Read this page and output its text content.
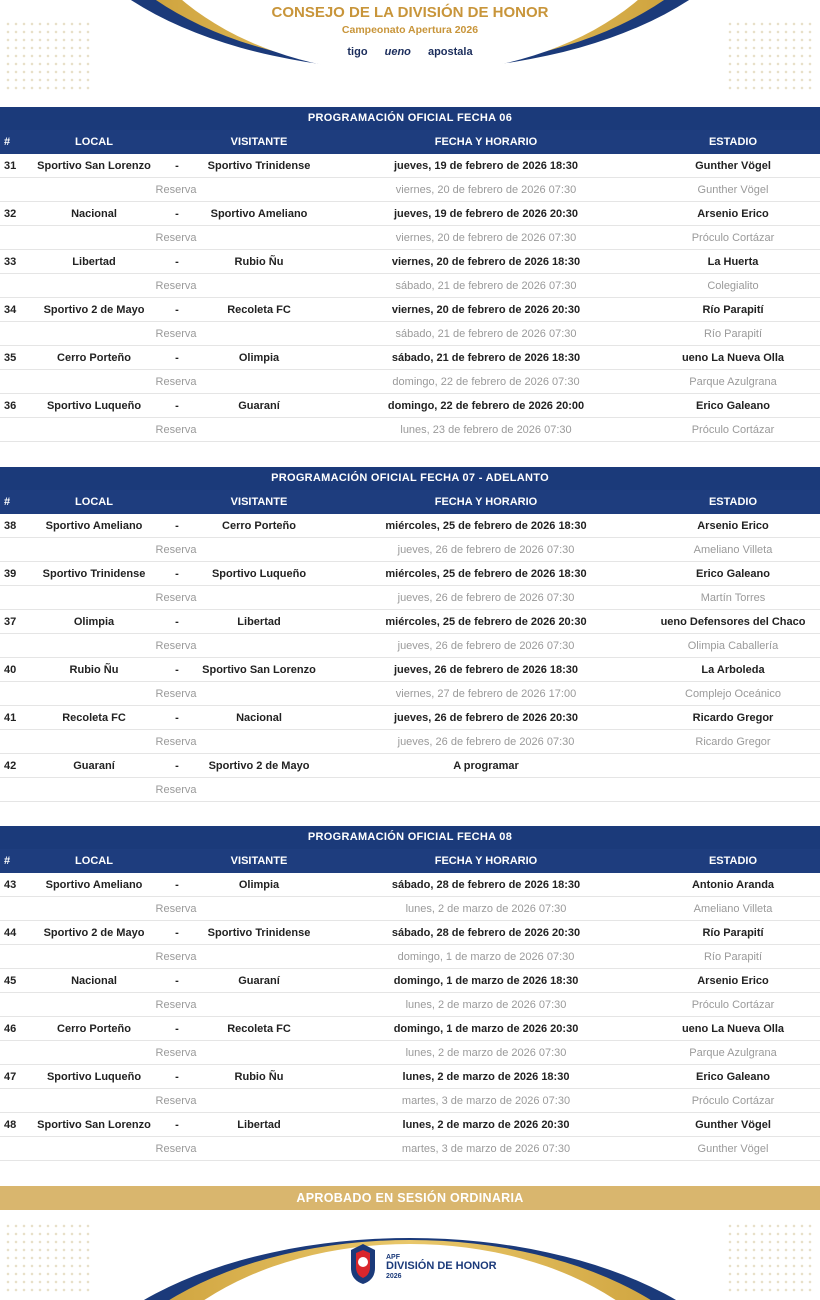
CONSEJO DE LA DIVISIÓN DE HONOR
Campeonato Apertura 2026
tigo ueno apostala
PROGRAMACIÓN OFICIAL FECHA 06
#	LOCAL	VISITANTE	FECHA Y HORARIO	ESTADIO
31	Sportivo San Lorenzo	-	Sportivo Trinidense	jueves, 19 de febrero de 2026 18:30	Gunther Vögel
Reserva	viernes, 20 de febrero de 2026 07:30	Gunther Vögel
32	Nacional	-	Sportivo Ameliano	jueves, 19 de febrero de 2026 20:30	Arsenio Erico
Reserva	viernes, 20 de febrero de 2026 07:30	Próculo Cortázar
33	Libertad	-	Rubio Ñu	viernes, 20 de febrero de 2026 18:30	La Huerta
Reserva	sábado, 21 de febrero de 2026 07:30	Colegialito
34	Sportivo 2 de Mayo	-	Recoleta FC	viernes, 20 de febrero de 2026 20:30	Río Parapití
Reserva	sábado, 21 de febrero de 2026 07:30	Río Parapití
35	Cerro Porteño	-	Olimpia	sábado, 21 de febrero de 2026 18:30	ueno La Nueva Olla
Reserva	domingo, 22 de febrero de 2026 07:30	Parque Azulgrana
36	Sportivo Luqueño	-	Guaraní	domingo, 22 de febrero de 2026 20:00	Erico Galeano
Reserva	lunes, 23 de febrero de 2026 07:30	Próculo Cortázar
PROGRAMACIÓN OFICIAL FECHA 07 - ADELANTO
#	LOCAL	VISITANTE	FECHA Y HORARIO	ESTADIO
38	Sportivo Ameliano	-	Cerro Porteño	miércoles, 25 de febrero de 2026 18:30	Arsenio Erico
Reserva	jueves, 26 de febrero de 2026 07:30	Ameliano Villeta
39	Sportivo Trinidense	-	Sportivo Luqueño	miércoles, 25 de febrero de 2026 18:30	Erico Galeano
Reserva	jueves, 26 de febrero de 2026 07:30	Martín Torres
37	Olimpia	-	Libertad	miércoles, 25 de febrero de 2026 20:30	ueno Defensores del Chaco
Reserva	jueves, 26 de febrero de 2026 07:30	Olimpia Caballería
40	Rubio Ñu	-	Sportivo San Lorenzo	jueves, 26 de febrero de 2026 18:30	La Arboleda
Reserva	viernes, 27 de febrero de 2026 17:00	Complejo Oceánico
41	Recoleta FC	-	Nacional	jueves, 26 de febrero de 2026 20:30	Ricardo Gregor
Reserva	jueves, 26 de febrero de 2026 07:30	Ricardo Gregor
42	Guaraní	-	Sportivo 2 de Mayo	A programar
Reserva
PROGRAMACIÓN OFICIAL FECHA 08
#	LOCAL	VISITANTE	FECHA Y HORARIO	ESTADIO
43	Sportivo Ameliano	-	Olimpia	sábado, 28 de febrero de 2026 18:30	Antonio Aranda
Reserva	lunes, 2 de marzo de 2026 07:30	Ameliano Villeta
44	Sportivo 2 de Mayo	-	Sportivo Trinidense	sábado, 28 de febrero de 2026 20:30	Río Parapití
Reserva	domingo, 1 de marzo de 2026 07:30	Río Parapití
45	Nacional	-	Guaraní	domingo, 1 de marzo de 2026 18:30	Arsenio Erico
Reserva	lunes, 2 de marzo de 2026 07:30	Próculo Cortázar
46	Cerro Porteño	-	Recoleta FC	domingo, 1 de marzo de 2026 20:30	ueno La Nueva Olla
Reserva	lunes, 2 de marzo de 2026 07:30	Parque Azulgrana
47	Sportivo Luqueño	-	Rubio Ñu	lunes, 2 de marzo de 2026 18:30	Erico Galeano
Reserva	martes, 3 de marzo de 2026 07:30	Próculo Cortázar
48	Sportivo San Lorenzo	-	Libertad	lunes, 2 de marzo de 2026 20:30	Gunther Vögel
Reserva	martes, 3 de marzo de 2026 07:30	Gunther Vögel
APROBADO EN SESIÓN ORDINARIA
APF
DIVISIÓN DE HONOR
2026
